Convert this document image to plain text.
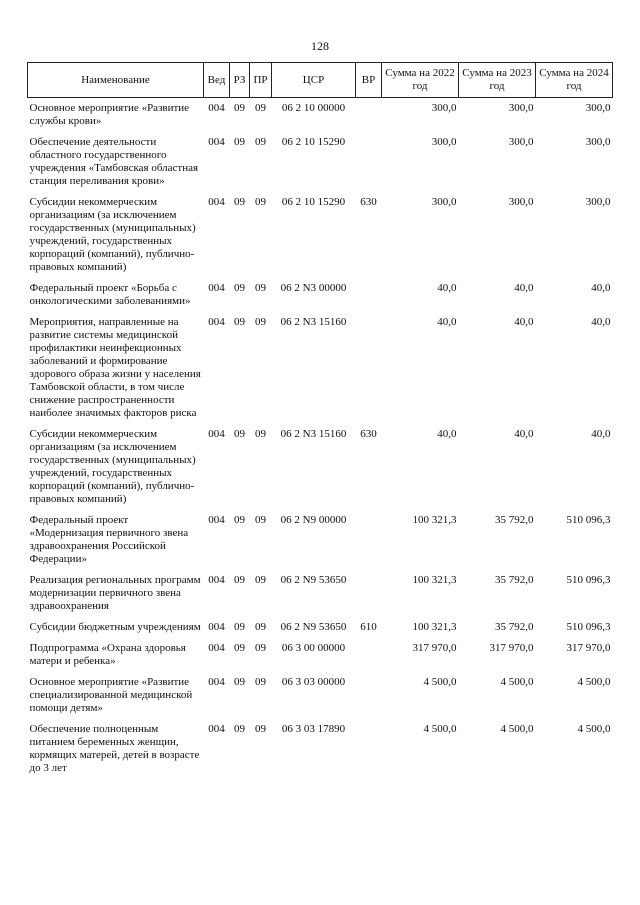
128
Наименование	Вед	РЗ	ПР	ЦСР	ВР	Сумма на 2022 год	Сумма на 2023 год	Сумма на 2024 год
Основное мероприятие «Развитие службы крови»	004	09	09	06 2 10 00000		300,0	300,0	300,0
Обеспечение деятельности областного государственного учреждения «Тамбовская областная станция переливания крови»	004	09	09	06 2 10 15290		300,0	300,0	300,0
Субсидии некоммерческим организациям (за исключением государственных (муниципальных) учреждений, государственных корпораций (компаний), публично-правовых компаний)	004	09	09	06 2 10 15290	630	300,0	300,0	300,0
Федеральный проект «Борьба с онкологическими заболеваниями»	004	09	09	06 2 N3 00000		40,0	40,0	40,0
Мероприятия, направленные на развитие системы медицинской профилактики неинфекционных заболеваний и формирование здорового образа жизни у населения Тамбовской области, в том числе снижение распространенности наиболее значимых факторов риска	004	09	09	06 2 N3 15160		40,0	40,0	40,0
Субсидии некоммерческим организациям (за исключением государственных (муниципальных) учреждений, государственных корпораций (компаний), публично-правовых компаний)	004	09	09	06 2 N3 15160	630	40,0	40,0	40,0
Федеральный проект «Модернизация первичного звена здравоохранения Российской Федерации»	004	09	09	06 2 N9 00000		100 321,3	35 792,0	510 096,3
Реализация региональных программ модернизации первичного звена здравоохранения	004	09	09	06 2 N9 53650		100 321,3	35 792,0	510 096,3
Субсидии бюджетным учреждениям	004	09	09	06 2 N9 53650	610	100 321,3	35 792,0	510 096,3
Подпрограмма «Охрана здоровья матери и ребенка»	004	09	09	06 3 00 00000		317 970,0	317 970,0	317 970,0
Основное мероприятие «Развитие специализированной медицинской помощи детям»	004	09	09	06 3 03 00000		4 500,0	4 500,0	4 500,0
Обеспечение полноценным питанием беременных женщин, кормящих матерей, детей в возрасте до 3 лет	004	09	09	06 3 03 17890		4 500,0	4 500,0	4 500,0
